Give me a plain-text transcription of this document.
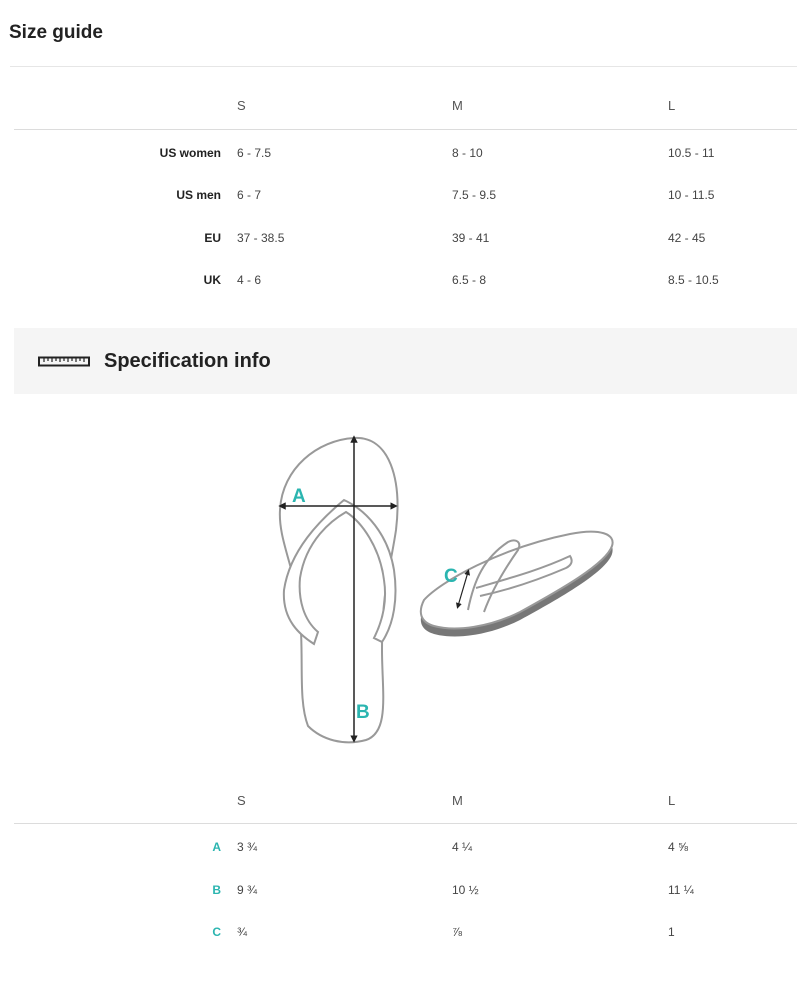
Size guide
S	M	L
US women 6 - 7.5	8 - 10	10.5 - 11
US men 6 - 7	7.5 - 9.5	10 - 11.5
EU 37 - 38.5	39 - 41	42 - 45
UK 4 - 6	6.5 - 8	8.5 - 10.5
Specification info
A
B
C
S	M	L
A 3 ¾	4 ¼	4 ⅝
B 9 ¾	10 ½	11 ¼
C ¾	⅞	1
